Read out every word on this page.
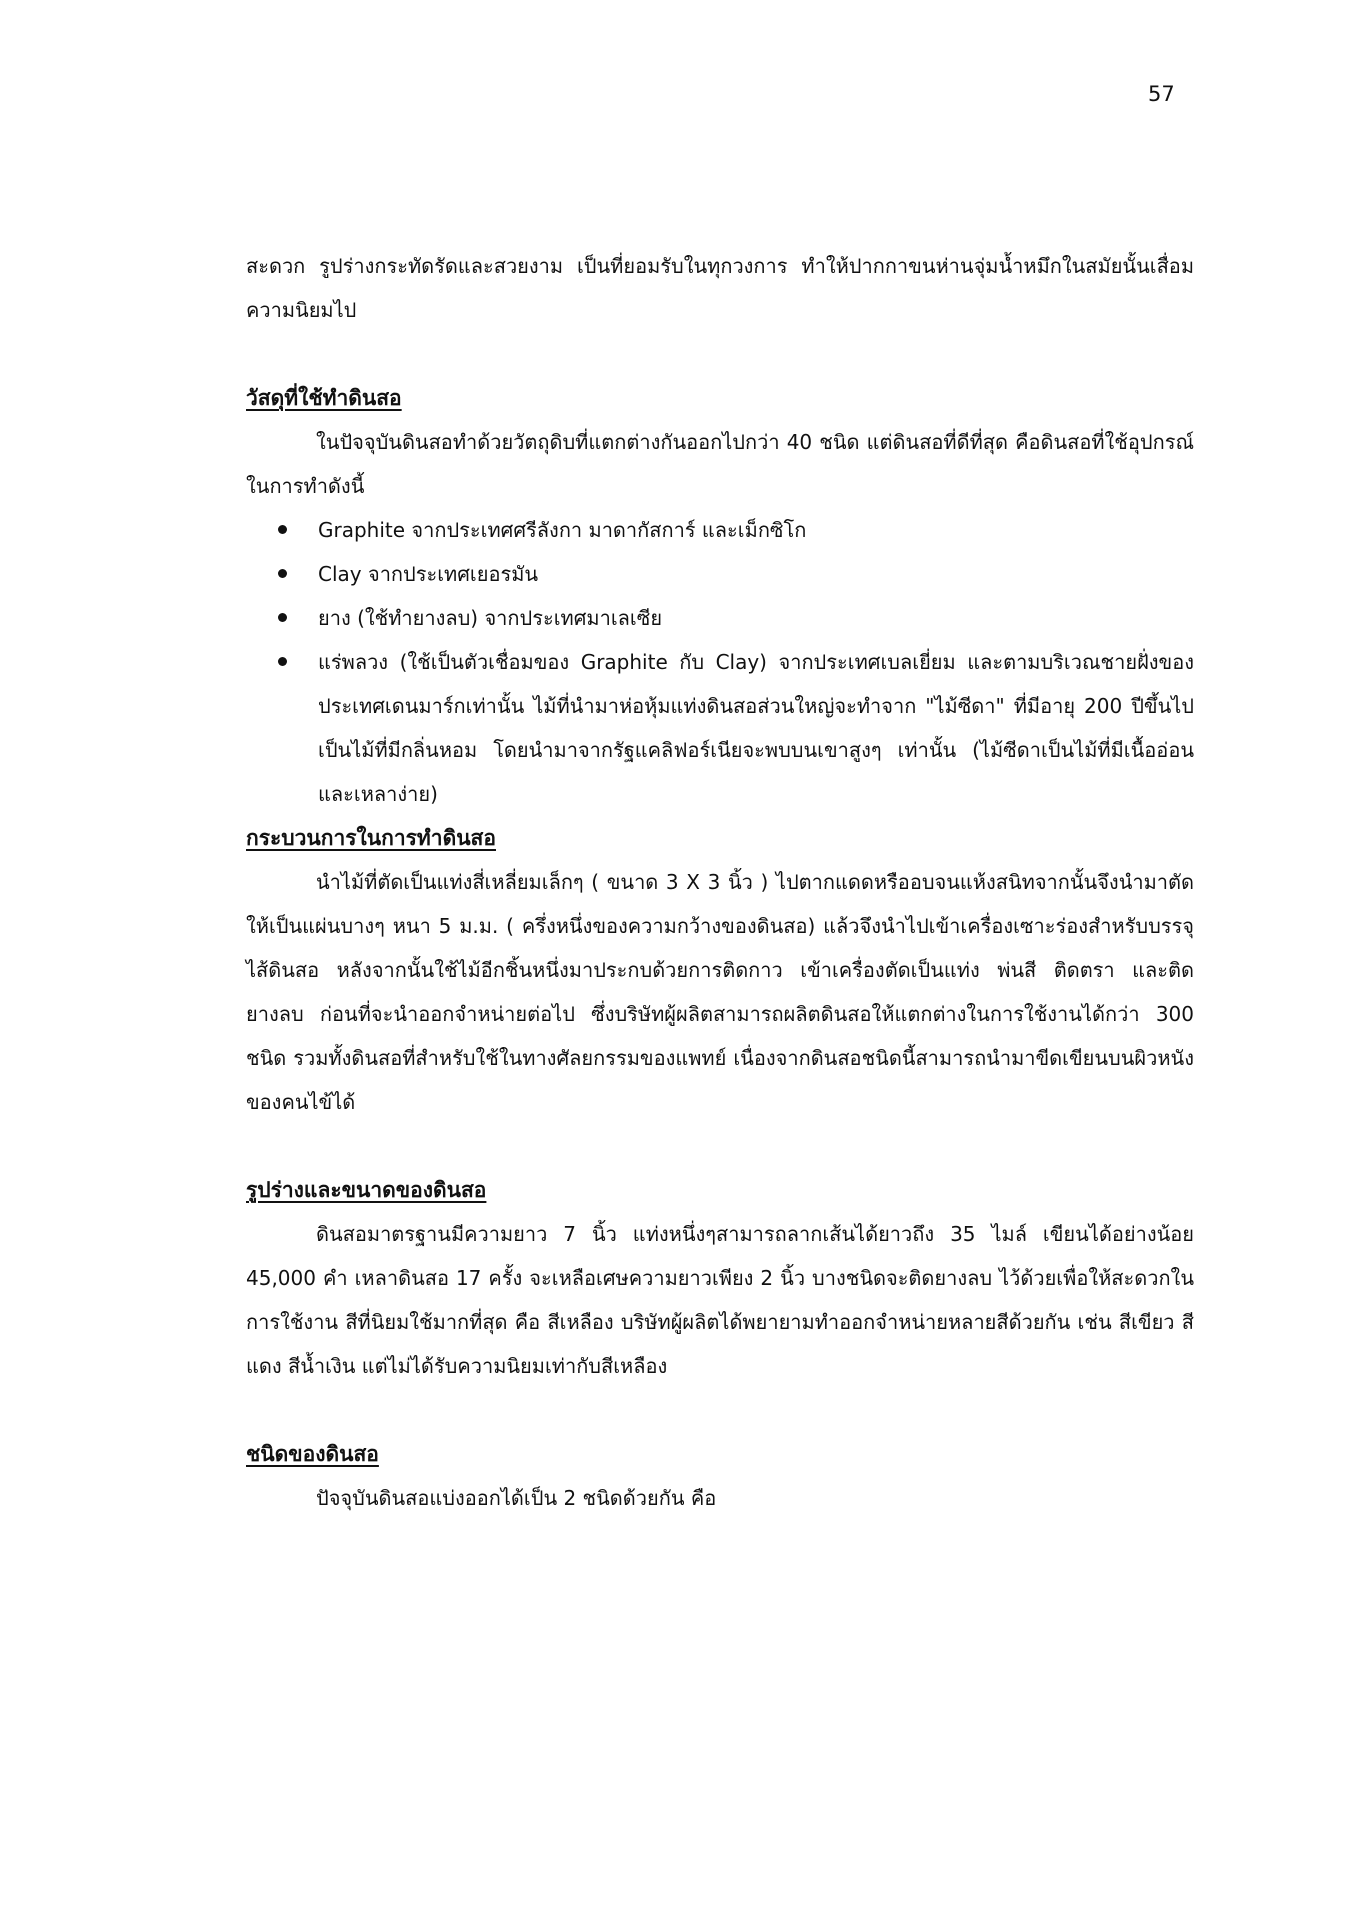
57

สะดวก รูปร่างกระทัดรัดและสวยงาม เป็นที่ยอมรับในทุกวงการ ทำให้ปากกาขนห่านจุ่มน้ำหมึกในสมัยนั้นเสื่อมความนิยมไป

วัสดุที่ใช้ทำดินสอ

ในปัจจุบันดินสอทำด้วยวัตถุดิบที่แตกต่างกันออกไปกว่า 40 ชนิด แต่ดินสอที่ดีที่สุด คือดินสอที่ใช้อุปกรณ์ในการทำดังนี้

Graphite จากประเทศศรีลังกา มาดากัสการ์ และเม็กซิโก
Clay จากประเทศเยอรมัน
ยาง (ใช้ทำยางลบ) จากประเทศมาเลเซีย
แร่พลวง (ใช้เป็นตัวเชื่อมของ Graphite กับ Clay) จากประเทศเบลเยี่ยม และตามบริเวณชายฝั่งของประเทศเดนมาร์กเท่านั้น ไม้ที่นำมาห่อหุ้มแท่งดินสอส่วนใหญ่จะทำจาก "ไม้ซีดา" ที่มีอายุ 200 ปีขึ้นไป เป็นไม้ที่มีกลิ่นหอม โดยนำมาจากรัฐแคลิฟอร์เนียจะพบบนเขาสูงๆ เท่านั้น (ไม้ซีดาเป็นไม้ที่มีเนื้ออ่อนและเหลาง่าย)
กระบวนการในการทำดินสอ

นำไม้ที่ตัดเป็นแท่งสี่เหลี่ยมเล็กๆ ( ขนาด 3 X 3 นิ้ว ) ไปตากแดดหรืออบจนแห้งสนิทจากนั้นจึงนำมาตัดให้เป็นแผ่นบางๆ หนา 5 ม.ม. ( ครึ่งหนึ่งของความกว้างของดินสอ) แล้วจึงนำไปเข้าเครื่องเซาะร่องสำหรับบรรจุไส้ดินสอ หลังจากนั้นใช้ไม้อีกชิ้นหนึ่งมาประกบด้วยการติดกาว เข้าเครื่องตัดเป็นแท่ง พ่นสี ติดตรา และติดยางลบ ก่อนที่จะนำออกจำหน่ายต่อไป ซึ่งบริษัทผู้ผลิตสามารถผลิตดินสอให้แตกต่างในการใช้งานได้กว่า 300 ชนิด รวมทั้งดินสอที่สำหรับใช้ในทางศัลยกรรมของแพทย์ เนื่องจากดินสอชนิดนี้สามารถนำมาขีดเขียนบนผิวหนังของคนไข้ได้

รูปร่างและขนาดของดินสอ

ดินสอมาตรฐานมีความยาว 7 นิ้ว แท่งหนึ่งๆสามารถลากเส้นได้ยาวถึง 35 ไมล์ เขียนได้อย่างน้อย 45,000 คำ เหลาดินสอ 17 ครั้ง จะเหลือเศษความยาวเพียง 2 นิ้ว บางชนิดจะติดยางลบ ไว้ด้วยเพื่อให้สะดวกในการใช้งาน สีที่นิยมใช้มากที่สุด คือ สีเหลือง บริษัทผู้ผลิตได้พยายามทำออกจำหน่ายหลายสีด้วยกัน เช่น สีเขียว สีแดง สีน้ำเงิน แต่ไม่ได้รับความนิยมเท่ากับสีเหลือง

ชนิดของดินสอ

ปัจจุบันดินสอแบ่งออกได้เป็น 2 ชนิดด้วยกัน คือ
